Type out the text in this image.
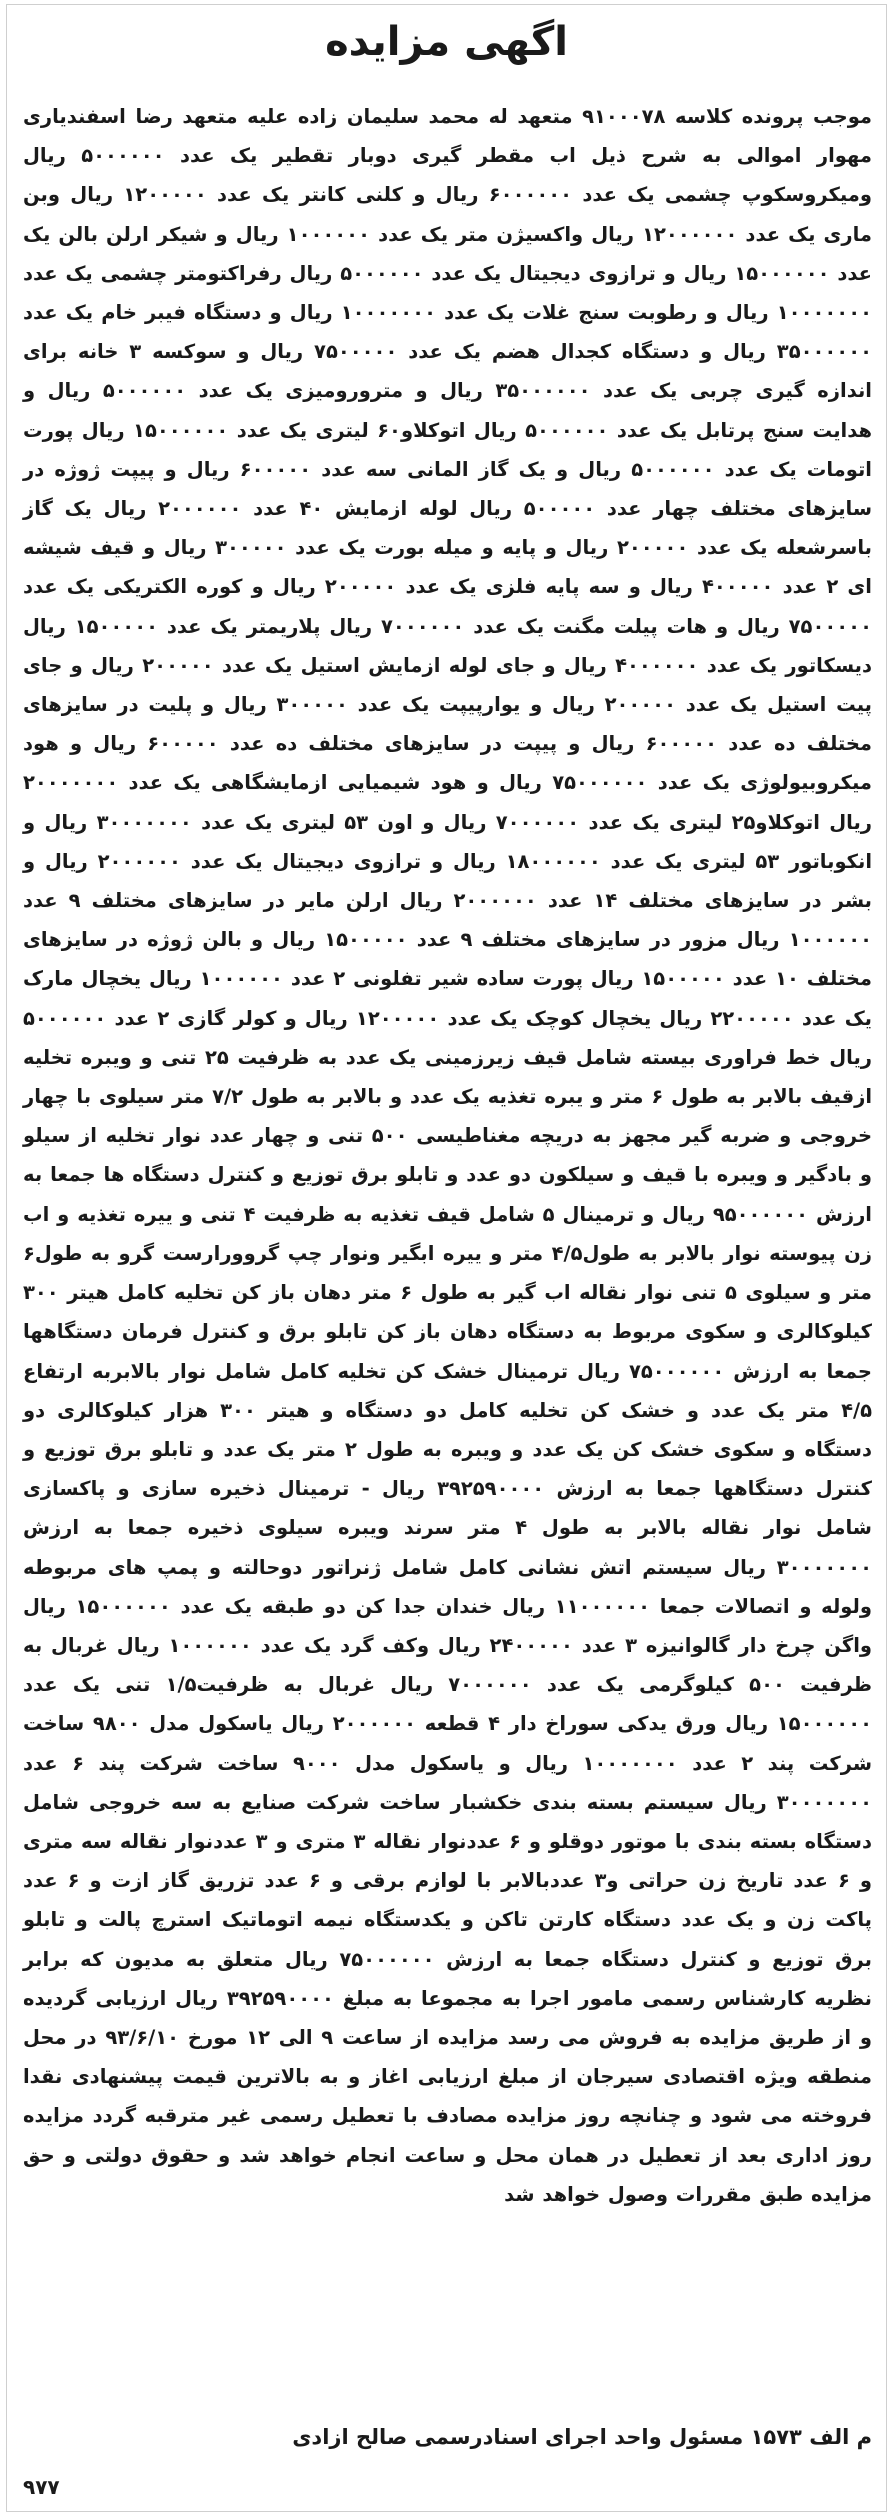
اگهی مزایده
موجب پرونده کلاسه ۹۱۰۰۰۷۸ متعهد له محمد سلیمان زاده علیه متعهد رضا اسفندیاری مهوار اموالی به شرح ذیل اب مقطر گیری دوبار تقطیر یک عدد ۵۰۰۰۰۰۰ ریال ومیکروسکوپ چشمی یک عدد ۶۰۰۰۰۰۰ ریال و کلنی کانتر یک عدد ۱۲۰۰۰۰۰ ریال وبن ماری یک عدد ۱۲۰۰۰۰۰۰ ریال واکسیژن متر یک عدد ۱۰۰۰۰۰۰ ریال و شیکر ارلن بالن یک عدد ۱۵۰۰۰۰۰۰ ریال و ترازوی دیجیتال یک عدد ۵۰۰۰۰۰۰ ریال رفراکتومتر چشمی یک عدد ۱۰۰۰۰۰۰۰ ریال و رطوبت سنج غلات یک عدد ۱۰۰۰۰۰۰۰ ریال و دستگاه فیبر خام یک عدد ۳۵۰۰۰۰۰۰ ریال و دستگاه کجدال هضم یک عدد ۷۵۰۰۰۰۰ ریال و سوکسه ۳ خانه برای اندازه گیری چربی یک عدد ۳۵۰۰۰۰۰۰ ریال و مترورومیزی یک عدد ۵۰۰۰۰۰۰ ریال و هدایت سنج پرتابل یک عدد ۵۰۰۰۰۰۰ ریال اتوکلاو۶۰ لیتری یک عدد ۱۵۰۰۰۰۰۰ ریال پورت اتومات یک عدد ۵۰۰۰۰۰۰ ریال و یک گاز المانی سه عدد ۶۰۰۰۰۰ ریال و پیپت ژوژه در سایزهای مختلف چهار عدد ۵۰۰۰۰۰ ریال لوله ازمایش ۴۰ عدد ۲۰۰۰۰۰۰ ریال یک گاز باسرشعله یک عدد ۲۰۰۰۰۰ ریال و پایه و میله بورت یک عدد ۳۰۰۰۰۰ ریال و قیف شیشه ای ۲ عدد ۴۰۰۰۰۰ ریال و سه پایه فلزی یک عدد ۲۰۰۰۰۰ ریال و کوره الکتریکی یک عدد ۷۵۰۰۰۰۰ ریال و هات پیلت مگنت یک عدد ۷۰۰۰۰۰۰ ریال پلاریمتر یک عدد ۱۵۰۰۰۰۰ ریال دیسکاتور یک عدد ۴۰۰۰۰۰۰ ریال و جای لوله ازمایش استیل یک عدد ۲۰۰۰۰۰ ریال و جای پیت استیل یک عدد ۲۰۰۰۰۰ ریال و یوارپیپت یک عدد ۳۰۰۰۰۰ ریال و پلیت در سایزهای مختلف ده عدد ۶۰۰۰۰۰ ریال و پیپت در سایزهای مختلف ده عدد ۶۰۰۰۰۰ ریال و هود میکروبیولوژی یک عدد ۷۵۰۰۰۰۰۰ ریال و هود شیمیایی ازمایشگاهی یک عدد ۲۰۰۰۰۰۰۰ ریال اتوکلاو۲۵ لیتری یک عدد ۷۰۰۰۰۰۰ ریال و اون ۵۳ لیتری یک عدد ۳۰۰۰۰۰۰۰ ریال و انکوباتور ۵۳ لیتری یک عدد ۱۸۰۰۰۰۰۰ ریال و ترازوی دیجیتال یک عدد ۲۰۰۰۰۰۰ ریال و بشر در سایزهای مختلف ۱۴ عدد ۲۰۰۰۰۰۰ ریال ارلن مایر در سایزهای مختلف ۹ عدد ۱۰۰۰۰۰۰ ریال مزور در سایزهای مختلف ۹ عدد ۱۵۰۰۰۰۰ ریال و بالن ژوژه در سایزهای مختلف ۱۰ عدد ۱۵۰۰۰۰۰ ریال پورت ساده شیر تفلونی ۲ عدد ۱۰۰۰۰۰۰ ریال یخچال مارک یک عدد ۲۲۰۰۰۰۰ ریال یخچال کوچک یک عدد ۱۲۰۰۰۰۰ ریال و کولر گازی ۲ عدد ۵۰۰۰۰۰۰ ریال خط فراوری بیسته شامل قیف زیرزمینی یک عدد به ظرفیت ۲۵ تنی و ویبره تخلیه ازقیف بالابر به طول ۶ متر و یبره تغذیه یک عدد و بالابر به طول ۷/۲ متر سیلوی با چهار خروجی و ضربه گیر مجهز به دریچه مغناطیسی ۵۰۰ تنی و چهار عدد نوار تخلیه از سیلو و بادگیر و ویبره با قیف و سیلکون دو عدد و تابلو برق توزیع و کنترل دستگاه ها جمعا به ارزش ۹۵۰۰۰۰۰۰ ریال و ترمینال ۵ شامل قیف تغذیه به ظرفیت ۴ تنی و ییره تغذیه و اب زن پیوسته نوار بالابر به طول۴/۵ متر و ییره ابگیر ونوار چپ گروورارست گرو به طول۶ متر و سیلوی ۵ تنی نوار نقاله اب گیر به طول ۶ متر دهان باز کن تخلیه کامل هیتر ۳۰۰ کیلوکالری و سکوی مربوط به دستگاه دهان باز کن تابلو برق و کنترل فرمان دستگاهها جمعا به ارزش ۷۵۰۰۰۰۰۰ ریال ترمینال خشک کن تخلیه کامل شامل نوار بالابربه ارتفاع ۴/۵ متر یک عدد و خشک کن تخلیه کامل دو دستگاه و هیتر ۳۰۰ هزار کیلوکالری دو دستگاه و سکوی خشک کن یک عدد و ویبره به طول ۲ متر یک عدد و تابلو برق توزیع و کنترل دستگاهها جمعا به ارزش ۳۹۲۵۹۰۰۰۰ ریال - ترمینال ذخیره سازی و پاکسازی شامل نوار نقاله بالابر به طول ۴ متر سرند ویبره سیلوی ذخیره جمعا به ارزش ۳۰۰۰۰۰۰۰ ریال سیستم اتش نشانی کامل شامل ژنراتور دوحالته و پمپ های مربوطه ولوله و اتصالات جمعا ۱۱۰۰۰۰۰۰ ریال خندان جدا کن دو طبقه یک عدد ۱۵۰۰۰۰۰۰ ریال واگن چرخ دار گالوانیزه ۳ عدد ۲۴۰۰۰۰۰ ریال وکف گرد یک عدد ۱۰۰۰۰۰۰ ریال غربال به ظرفیت ۵۰۰ کیلوگرمی یک عدد ۷۰۰۰۰۰۰ ریال غربال به ظرفیت۱/۵ تنی یک عدد ۱۵۰۰۰۰۰۰ ریال ورق یدکی سوراخ دار ۴ قطعه ۲۰۰۰۰۰۰ ریال یاسکول مدل ۹۸۰۰ ساخت شرکت پند ۲ عدد ۱۰۰۰۰۰۰۰ ریال و یاسکول مدل ۹۰۰۰ ساخت شرکت پند ۶ عدد ۳۰۰۰۰۰۰۰ ریال سیستم بسته بندی خکشبار ساخت شرکت صنایع به سه خروجی شامل دستگاه بسته بندی با موتور دوقلو و ۶ عددنوار نقاله ۳ متری و ۳ عددنوار نقاله سه متری و ۶ عدد تاریخ زن حراتی و۳ عددبالابر با لوازم برقی و ۶ عدد تزریق گاز ازت و ۶ عدد پاکت زن و یک عدد دستگاه کارتن تاکن و یکدستگاه نیمه اتوماتیک استرچ پالت و تابلو برق توزیع و کنترل دستگاه جمعا به ارزش ۷۵۰۰۰۰۰۰ ریال متعلق به مدیون که برابر نظریه کارشناس رسمی مامور اجرا به مجموعا به مبلغ ۳۹۲۵۹۰۰۰۰ ریال ارزیابی گردیده و از طریق مزایده به فروش می رسد مزایده از ساعت ۹ الی ۱۲ مورخ ۹۳/۶/۱۰ در محل منطقه ویژه اقتصادی سیرجان از مبلغ ارزیابی اغاز و به بالاترین قیمت پیشنهادی نقدا فروخته می شود و چنانچه روز مزایده مصادف با تعطیل رسمی غیر مترقبه گردد مزایده روز اداری بعد از تعطیل در همان محل و ساعت انجام خواهد شد و حقوق دولتی و حق مزایده طبق مقررات وصول خواهد شد
م الف ۱۵۷۳ مسئول واحد اجرای اسنادرسمی صالح ازادی
۹۷۷
